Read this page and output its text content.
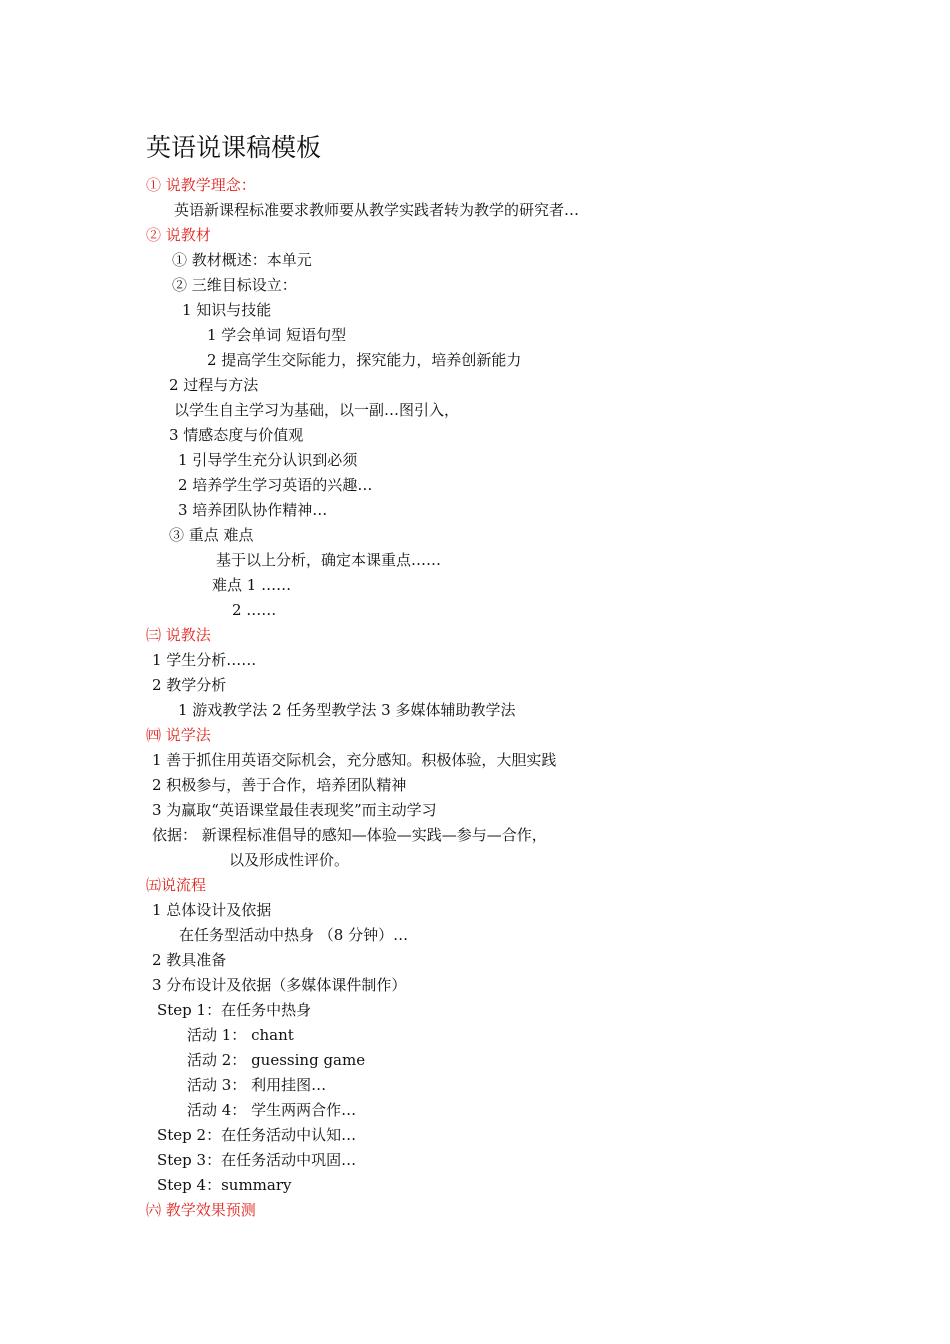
英语说课稿模板
① 说教学理念：
英语新课程标准要求教师要从教学实践者转为教学的研究者…
② 说教材
① 教材概述：本单元
② 三维目标设立：
1 知识与技能
1 学会单词 短语句型
2 提高学生交际能力，探究能力，培养创新能力
2 过程与方法
以学生自主学习为基础，以一副…图引入，
3 情感态度与价值观
1 引导学生充分认识到必须
2 培养学生学习英语的兴趣…
3 培养团队协作精神…
③ 重点 难点
基于以上分析，确定本课重点……
难点 1 ……
2 ……
㈢ 说教法
1 学生分析……
2 教学分析
1 游戏教学法 2 任务型教学法 3 多媒体辅助教学法
㈣ 说学法
1 善于抓住用英语交际机会，充分感知。积极体验，大胆实践
2 积极参与，善于合作，培养团队精神
3 为赢取“英语课堂最佳表现奖”而主动学习
依据： 新课程标准倡导的感知—体验—实践—参与—合作，
以及形成性评价。
㈤说流程
1 总体设计及依据
在任务型活动中热身 （8 分钟）…
2 教具准备
3 分布设计及依据（多媒体课件制作）
Step 1：在任务中热身
活动 1： chant
活动 2： guessing game
活动 3： 利用挂图…
活动 4： 学生两两合作…
Step 2：在任务活动中认知…
Step 3：在任务活动中巩固…
Step 4：summary
㈥ 教学效果预测
